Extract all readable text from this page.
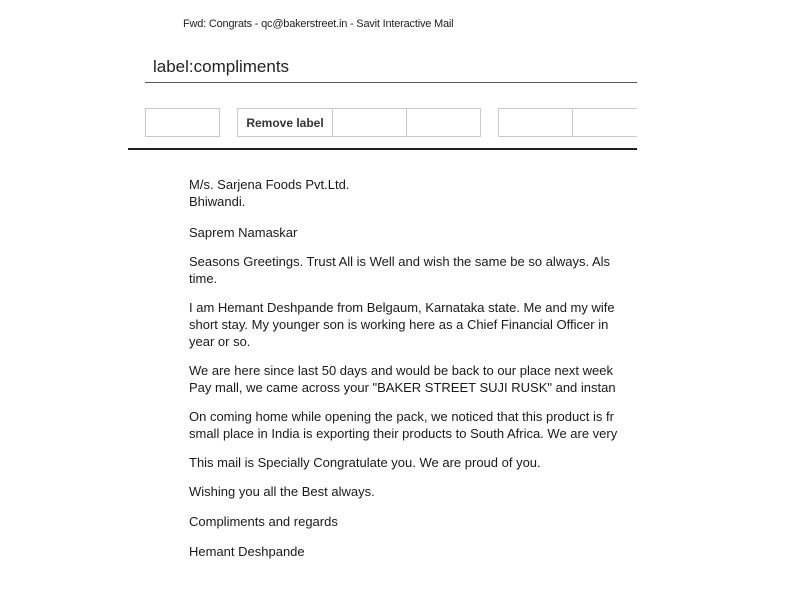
Fwd: Congrats - qc@bakerstreet.in - Savit Interactive Mail
label:compliments
Remove label

M/s. Sarjena Foods Pvt.Ltd.
Bhiwandi.

Saprem Namaskar

Seasons Greetings. Trust All is Well and wish the same be so always. Als
time.

I am Hemant Deshpande from Belgaum, Karnataka state. Me and my wife
short stay. My younger son is working here as a Chief Financial Officer in
year or so.

We are here since last 50 days and would be back to our place next week
Pay mall, we came across your "BAKER STREET SUJI RUSK" and instan

On coming home while opening the pack, we noticed that this product is fr
small place in India is exporting their products to South Africa. We are very

This mail is Specially Congratulate you. We are proud of you.

Wishing you all the Best always.

Compliments and regards

Hemant Deshpande
